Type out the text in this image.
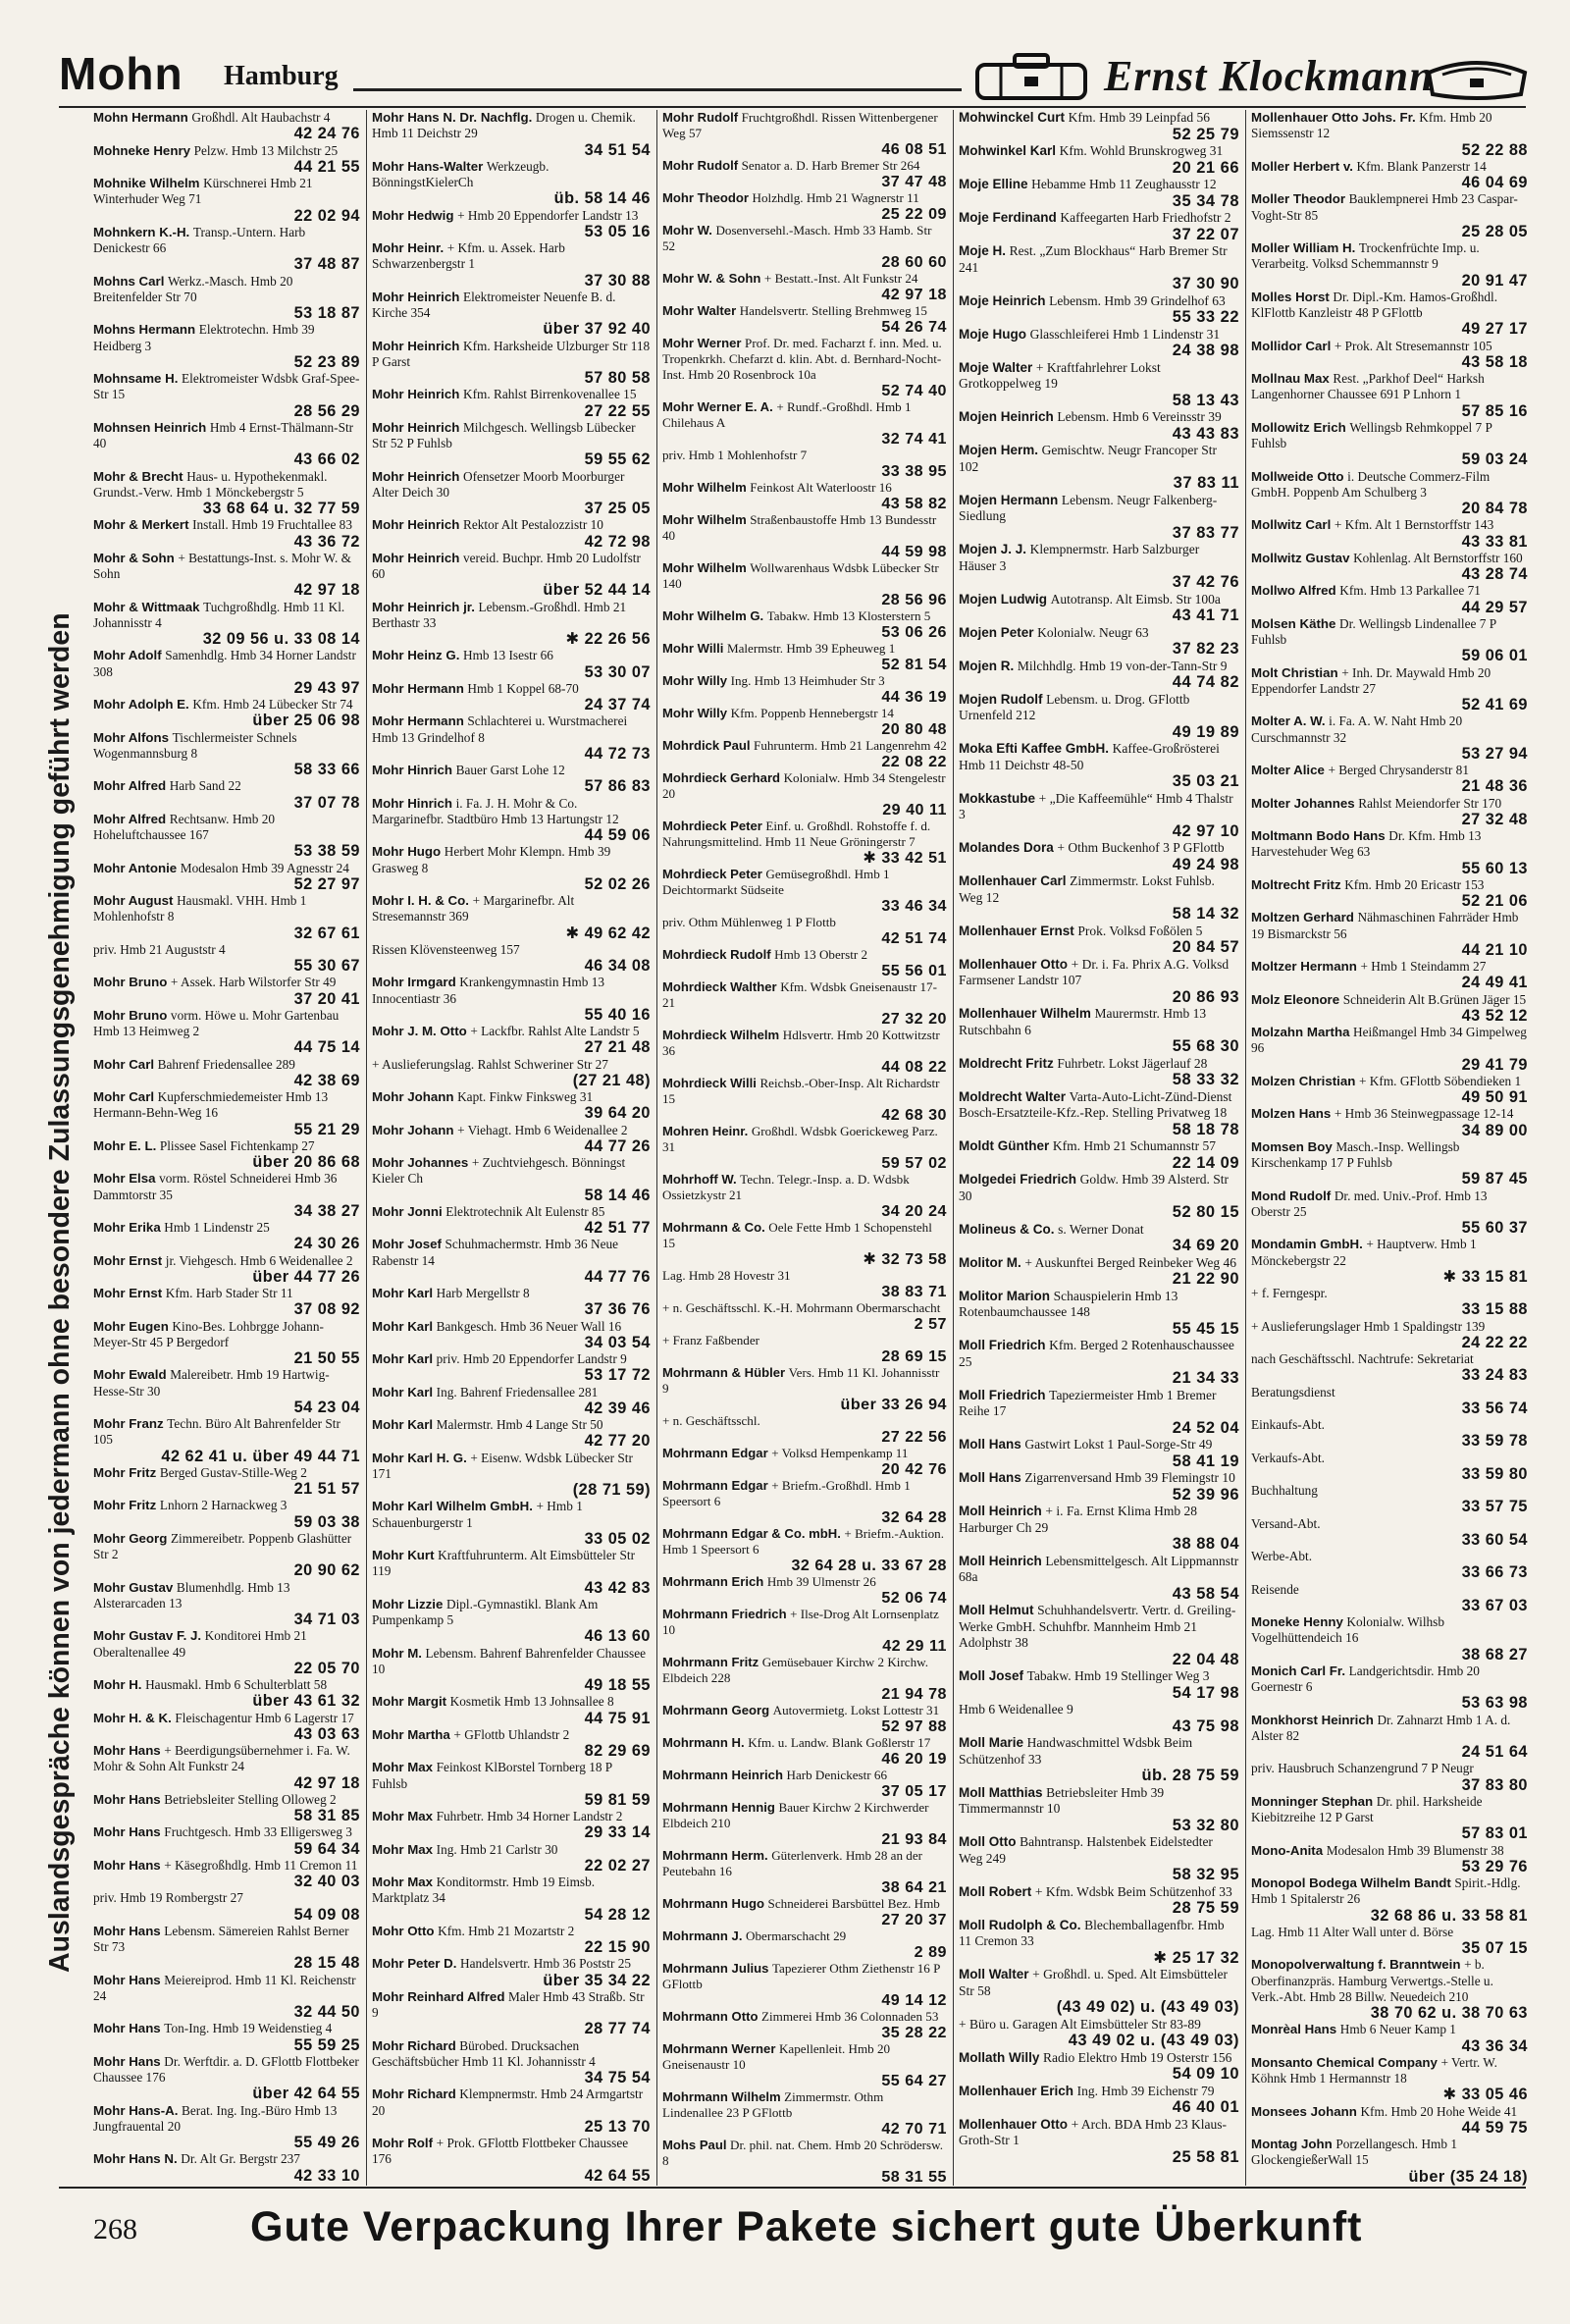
Mohn Hamburg	Ernst Klockmann
Auslandsgespräche können von jedermann ohne besondere Zulassungsgenehmigung geführt werden

Mohn Hermann Großhdl. Alt Haubachstr 4
42 24 76

Mohneke Henry Pelzw. Hmb 13 Milchstr 25
44 21 55

Mohnike Wilhelm Kürschnerei Hmb 21 Winterhuder Weg 71
22 02 94

Mohnkern K.-H. Transp.-Untern. Harb Denickestr 66
37 48 87

Mohns Carl Werkz.-Masch. Hmb 20 Breitenfelder Str 70
53 18 87

Mohns Hermann Elektrotechn. Hmb 39 Heidberg 3
52 23 89

Mohnsame H. Elektromeister Wdsbk Graf-Spee-Str 15
28 56 29

Mohnsen Heinrich Hmb 4 Ernst-Thälmann-Str 40
43 66 02

Mohr & Brecht Haus- u. Hypothekenmakl. Grundst.-Verw. Hmb 1 Mönckebergstr 5
33 68 64 u. 32 77 59

Mohr & Merkert Install. Hmb 19 Fruchtallee 83
43 36 72

Mohr & Sohn + Bestattungs-Inst. s. Mohr W. & Sohn
42 97 18

Mohr & Wittmaak Tuchgroßhdlg. Hmb 11 Kl. Johannisstr 4
32 09 56 u. 33 08 14

Mohr Adolf Samenhdlg. Hmb 34 Horner Landstr 308
29 43 97

Mohr Adolph E. Kfm. Hmb 24 Lübecker Str 74
über 25 06 98

Mohr Alfons Tischlermeister Schnels Wogenmannsburg 8
58 33 66

Mohr Alfred Harb Sand 22
37 07 78

Mohr Alfred Rechtsanw. Hmb 20 Hoheluftchaussee 167
53 38 59

Mohr Antonie Modesalon Hmb 39 Agnesstr 24
52 27 97

Mohr August Hausmakl. VHH. Hmb 1 Mohlenhofstr 8
32 67 61

priv. Hmb 21 Auguststr 4
55 30 67

Mohr Bruno + Assek. Harb Wilstorfer Str 49
37 20 41

Mohr Bruno vorm. Höwe u. Mohr Gartenbau Hmb 13 Heimweg 2
44 75 14

Mohr Carl Bahrenf Friedensallee 289
42 38 69

Mohr Carl Kupferschmiedemeister Hmb 13 Hermann-Behn-Weg 16
55 21 29

Mohr E. L. Plissee Sasel Fichtenkamp 27
über 20 86 68

Mohr Elsa vorm. Röstel Schneiderei Hmb 36 Dammtorstr 35
34 38 27

Mohr Erika Hmb 1 Lindenstr 25
24 30 26

Mohr Ernst jr. Viehgesch. Hmb 6 Weidenallee 2
über 44 77 26

Mohr Ernst Kfm. Harb Stader Str 11
37 08 92

Mohr Eugen Kino-Bes. Lohbrgge Johann-Meyer-Str 45 P Bergedorf
21 50 55

Mohr Ewald Malereibetr. Hmb 19 Hartwig-Hesse-Str 30
54 23 04

Mohr Franz Techn. Büro Alt Bahrenfelder Str 105
42 62 41 u. über 49 44 71

Mohr Fritz Berged Gustav-Stille-Weg 2
21 51 57

Mohr Fritz Lnhorn 2 Harnackweg 3
59 03 38

Mohr Georg Zimmereibetr. Poppenb Glashütter Str 2
20 90 62

Mohr Gustav Blumenhdlg. Hmb 13 Alsterarcaden 13
34 71 03

Mohr Gustav F. J. Konditorei Hmb 21 Oberaltenallee 49
22 05 70

Mohr H. Hausmakl. Hmb 6 Schulterblatt 58
über 43 61 32

Mohr H. & K. Fleischagentur Hmb 6 Lagerstr 17
43 03 63

Mohr Hans + Beerdigungsübernehmer i. Fa. W. Mohr & Sohn Alt Funkstr 24
42 97 18

Mohr Hans Betriebsleiter Stelling Olloweg 2
58 31 85

Mohr Hans Fruchtgesch. Hmb 33 Elligersweg 3
59 64 34

Mohr Hans + Käsegroßhdlg. Hmb 11 Cremon 11
32 40 03

priv. Hmb 19 Rombergstr 27
54 09 08

Mohr Hans Lebensm. Sämereien Rahlst Berner Str 73
28 15 48

Mohr Hans Meiereiprod. Hmb 11 Kl. Reichenstr 24
32 44 50

Mohr Hans Ton-Ing. Hmb 19 Weidenstieg 4
55 59 25

Mohr Hans Dr. Werftdir. a. D. GFlottb Flottbeker Chaussee 176
über 42 64 55

Mohr Hans-A. Berat. Ing. Ing.-Büro Hmb 13 Jungfrauental 20
55 49 26

Mohr Hans N. Dr. Alt Gr. Bergstr 237
42 33 10

Mohr Hans N. Dr. Nachflg. Drogen u. Chemik. Hmb 11 Deichstr 29
34 51 54

Mohr Hans-Walter Werkzeugb. BönningstKielerCh
üb. 58 14 46

Mohr Hedwig + Hmb 20 Eppendorfer Landstr 13
53 05 16

Mohr Heinr. + Kfm. u. Assek. Harb Schwarzenbergstr 1
37 30 88

Mohr Heinrich Elektromeister Neuenfe B. d. Kirche 354
über 37 92 40

Mohr Heinrich Kfm. Harksheide Ulzburger Str 118 P Garst
57 80 58

Mohr Heinrich Kfm. Rahlst Birrenkovenallee 15
27 22 55

Mohr Heinrich Milchgesch. Wellingsb Lübecker Str 52 P Fuhlsb
59 55 62

Mohr Heinrich Ofensetzer Moorb Moorburger Alter Deich 30
37 25 05

Mohr Heinrich Rektor Alt Pestalozzistr 10
42 72 98

Mohr Heinrich vereid. Buchpr. Hmb 20 Ludolfstr 60
über 52 44 14

Mohr Heinrich jr. Lebensm.-Großhdl. Hmb 21 Berthastr 33
✱ 22 26 56

Mohr Heinz G. Hmb 13 Isestr 66
53 30 07

Mohr Hermann Hmb 1 Koppel 68-70
24 37 74

Mohr Hermann Schlachterei u. Wurstmacherei Hmb 13 Grindelhof 8
44 72 73

Mohr Hinrich Bauer Garst Lohe 12
57 86 83

Mohr Hinrich i. Fa. J. H. Mohr & Co. Margarinefbr. Stadtbüro Hmb 13 Hartungstr 12
44 59 06

Mohr Hugo Herbert Mohr Klempn. Hmb 39 Grasweg 8
52 02 26

Mohr I. H. & Co. + Margarinefbr. Alt Stresemannstr 369
✱ 49 62 42

Rissen Klövensteenweg 157
46 34 08

Mohr Irmgard Krankengymnastin Hmb 13 Innocentiastr 36
55 40 16

Mohr J. M. Otto + Lackfbr. Rahlst Alte Landstr 5
27 21 48

+ Auslieferungslag. Rahlst Schweriner Str 27
(27 21 48)

Mohr Johann Kapt. Finkw Finksweg 31
39 64 20

Mohr Johann + Viehagt. Hmb 6 Weidenallee 2
44 77 26

Mohr Johannes + Zuchtviehgesch. Bönningst Kieler Ch
58 14 46

Mohr Jonni Elektrotechnik Alt Eulenstr 85
42 51 77

Mohr Josef Schuhmachermstr. Hmb 36 Neue Rabenstr 14
44 77 76

Mohr Karl Harb Mergellstr 8
37 36 76

Mohr Karl Bankgesch. Hmb 36 Neuer Wall 16
34 03 54

Mohr Karl priv. Hmb 20 Eppendorfer Landstr 9
53 17 72

Mohr Karl Ing. Bahrenf Friedensallee 281
42 39 46

Mohr Karl Malermstr. Hmb 4 Lange Str 50
42 77 20

Mohr Karl H. G. + Eisenw. Wdsbk Lübecker Str 171
(28 71 59)

Mohr Karl Wilhelm GmbH. + Hmb 1 Schauenburgerstr 1
33 05 02

Mohr Kurt Kraftfuhrunterm. Alt Eimsbütteler Str 119
43 42 83

Mohr Lizzie Dipl.-Gymnastikl. Blank Am Pumpenkamp 5
46 13 60

Mohr M. Lebensm. Bahrenf Bahrenfelder Chaussee 10
49 18 55

Mohr Margit Kosmetik Hmb 13 Johnsallee 8
44 75 91

Mohr Martha + GFlottb Uhlandstr 2
82 29 69

Mohr Max Feinkost KlBorstel Tornberg 18 P Fuhlsb
59 81 59

Mohr Max Fuhrbetr. Hmb 34 Horner Landstr 2
29 33 14

Mohr Max Ing. Hmb 21 Carlstr 30
22 02 27

Mohr Max Konditormstr. Hmb 19 Eimsb. Marktplatz 34
54 28 12

Mohr Otto Kfm. Hmb 21 Mozartstr 2
22 15 90

Mohr Peter D. Handelsvertr. Hmb 36 Poststr 25
über 35 34 22

Mohr Reinhard Alfred Maler Hmb 43 Straßb. Str 9
28 77 74

Mohr Richard Bürobed. Drucksachen Geschäftsbücher Hmb 11 Kl. Johannisstr 4
34 75 54

Mohr Richard Klempnermstr. Hmb 24 Armgartstr 20
25 13 70

Mohr Rolf + Prok. GFlottb Flottbeker Chaussee 176
42 64 55

Mohr Rudolf Fruchtgroßhdl. Rissen Wittenbergener Weg 57
46 08 51

Mohr Rudolf Senator a. D. Harb Bremer Str 264
37 47 48

Mohr Theodor Holzhdlg. Hmb 21 Wagnerstr 11
25 22 09

Mohr W. Dosenversehl.-Masch. Hmb 33 Hamb. Str 52
28 60 60

Mohr W. & Sohn + Bestatt.-Inst. Alt Funkstr 24
42 97 18

Mohr Walter Handelsvertr. Stelling Brehmweg 15
54 26 74

Mohr Werner Prof. Dr. med. Facharzt f. inn. Med. u. Tropenkrkh. Chefarzt d. klin. Abt. d. Bernhard-Nocht-Inst. Hmb 20 Rosenbrock 10a
52 74 40

Mohr Werner E. A. + Rundf.-Großhdl. Hmb 1 Chilehaus A
32 74 41

priv. Hmb 1 Mohlenhofstr 7
33 38 95

Mohr Wilhelm Feinkost Alt Waterloostr 16
43 58 82

Mohr Wilhelm Straßenbaustoffe Hmb 13 Bundesstr 40
44 59 98

Mohr Wilhelm Wollwarenhaus Wdsbk Lübecker Str 140
28 56 96

Mohr Wilhelm G. Tabakw. Hmb 13 Klosterstern 5
53 06 26

Mohr Willi Malermstr. Hmb 39 Epheuweg 1
52 81 54

Mohr Willy Ing. Hmb 13 Heimhuder Str 3
44 36 19

Mohr Willy Kfm. Poppenb Hennebergstr 14
20 80 48

Mohrdick Paul Fuhrunterm. Hmb 21 Langenrehm 42
22 08 22

Mohrdieck Gerhard Kolonialw. Hmb 34 Stengelestr 20
29 40 11

Mohrdieck Peter Einf. u. Großhdl. Rohstoffe f. d. Nahrungsmittelind. Hmb 11 Neue Gröningerstr 7
✱ 33 42 51

Mohrdieck Peter Gemüsegroßhdl. Hmb 1 Deichtormarkt Südseite
33 46 34

priv. Othm Mühlenweg 1 P Flottb
42 51 74

Mohrdieck Rudolf Hmb 13 Oberstr 2
55 56 01

Mohrdieck Walther Kfm. Wdsbk Gneisenaustr 17-21
27 32 20

Mohrdieck Wilhelm Hdlsvertr. Hmb 20 Kottwitzstr 36
44 08 22

Mohrdieck Willi Reichsb.-Ober-Insp. Alt Richardstr 15
42 68 30

Mohren Heinr. Großhdl. Wdsbk Goerickeweg Parz. 31
59 57 02

Mohrhoff W. Techn. Telegr.-Insp. a. D. Wdsbk Ossietzkystr 21
34 20 24

Mohrmann & Co. Oele Fette Hmb 1 Schopenstehl 15
✱ 32 73 58

Lag. Hmb 28 Hovestr 31
38 83 71

+ n. Geschäftsschl. K.-H. Mohrmann Obermarschacht
2 57

+ Franz Faßbender
28 69 15

Mohrmann & Hübler Vers. Hmb 11 Kl. Johannisstr 9
über 33 26 94

+ n. Geschäftsschl.
27 22 56

Mohrmann Edgar + Volksd Hempenkamp 11
20 42 76

Mohrmann Edgar + Briefm.-Großhdl. Hmb 1 Speersort 6
32 64 28

Mohrmann Edgar & Co. mbH. + Briefm.-Auktion. Hmb 1 Speersort 6
32 64 28 u. 33 67 28

Mohrmann Erich Hmb 39 Ulmenstr 26
52 06 74

Mohrmann Friedrich + Ilse-Drog Alt Lornsenplatz 10
42 29 11

Mohrmann Fritz Gemüsebauer Kirchw 2 Kirchw. Elbdeich 228
21 94 78

Mohrmann Georg Autovermietg. Lokst Lottestr 31
52 97 88

Mohrmann H. Kfm. u. Landw. Blank Goßlerstr 17
46 20 19

Mohrmann Heinrich Harb Denickestr 66
37 05 17

Mohrmann Hennig Bauer Kirchw 2 Kirchwerder Elbdeich 210
21 93 84

Mohrmann Herm. Güterlenverk. Hmb 28 an der Peutebahn 16
38 64 21

Mohrmann Hugo Schneiderei Barsbüttel Bez. Hmb
27 20 37

Mohrmann J. Obermarschacht 29
2 89

Mohrmann Julius Tapezierer Othm Ziethenstr 16 P GFlottb
49 14 12

Mohrmann Otto Zimmerei Hmb 36 Colonnaden 53
35 28 22

Mohrmann Werner Kapellenleit. Hmb 20 Gneisenaustr 10
55 64 27

Mohrmann Wilhelm Zimmermstr. Othm Lindenallee 23 P GFlottb
42 70 71

Mohs Paul Dr. phil. nat. Chem. Hmb 20 Schrödersw. 8
58 31 55

Mohwinckel Curt Kfm. Hmb 39 Leinpfad 56
52 25 79

Mohwinkel Karl Kfm. Wohld Brunskrogweg 31
20 21 66

Moje Elline Hebamme Hmb 11 Zeughausstr 12
35 34 78

Moje Ferdinand Kaffeegarten Harb Friedhofstr 2
37 22 07

Moje H. Rest. „Zum Blockhaus“ Harb Bremer Str 241
37 30 90

Moje Heinrich Lebensm. Hmb 39 Grindelhof 63
55 33 22

Moje Hugo Glasschleiferei Hmb 1 Lindenstr 31
24 38 98

Moje Walter + Kraftfahrlehrer Lokst Grotkoppelweg 19
58 13 43

Mojen Heinrich Lebensm. Hmb 6 Vereinsstr 39
43 43 83

Mojen Herm. Gemischtw. Neugr Francoper Str 102
37 83 11

Mojen Hermann Lebensm. Neugr Falkenberg-Siedlung
37 83 77

Mojen J. J. Klempnermstr. Harb Salzburger Häuser 3
37 42 76

Mojen Ludwig Autotransp. Alt Eimsb. Str 100a
43 41 71

Mojen Peter Kolonialw. Neugr 63
37 82 23

Mojen R. Milchhdlg. Hmb 19 von-der-Tann-Str 9
44 74 82

Mojen Rudolf Lebensm. u. Drog. GFlottb Urnenfeld 212
49 19 89

Moka Efti Kaffee GmbH. Kaffee-Großrösterei Hmb 11 Deichstr 48-50
35 03 21

Mokkastube + „Die Kaffeemühle“ Hmb 4 Thalstr 3
42 97 10

Molandes Dora + Othm Buckenhof 3 P GFlottb
49 24 98

Mollenhauer Carl Zimmermstr. Lokst Fuhlsb. Weg 12
58 14 32

Mollenhauer Ernst Prok. Volksd Foßölen 5
20 84 57

Mollenhauer Otto + Dr. i. Fa. Phrix A.G. Volksd Farmsener Landstr 107
20 86 93

Mollenhauer Wilhelm Maurermstr. Hmb 13 Rutschbahn 6
55 68 30

Moldrecht Fritz Fuhrbetr. Lokst Jägerlauf 28
58 33 32

Moldrecht Walter Varta-Auto-Licht-Zünd-Dienst Bosch-Ersatzteile-Kfz.-Rep. Stelling Privatweg 18
58 18 78

Moldt Günther Kfm. Hmb 21 Schumannstr 57
22 14 09

Molgedei Friedrich Goldw. Hmb 39 Alsterd. Str 30
52 80 15

Molineus & Co. s. Werner Donat
34 69 20

Molitor M. + Auskunftei Berged Reinbeker Weg 46
21 22 90

Molitor Marion Schauspielerin Hmb 13 Rotenbaumchaussee 148
55 45 15

Moll Friedrich Kfm. Berged 2 Rotenhauschaussee 25
21 34 33

Moll Friedrich Tapeziermeister Hmb 1 Bremer Reihe 17
24 52 04

Moll Hans Gastwirt Lokst 1 Paul-Sorge-Str 49
58 41 19

Moll Hans Zigarrenversand Hmb 39 Flemingstr 10
52 39 96

Moll Heinrich + i. Fa. Ernst Klima Hmb 28 Harburger Ch 29
38 88 04

Moll Heinrich Lebensmittelgesch. Alt Lippmannstr 68a
43 58 54

Moll Helmut Schuhhandelsvertr. Vertr. d. Greiling-Werke GmbH. Schuhfbr. Mannheim Hmb 21 Adolphstr 38
22 04 48

Moll Josef Tabakw. Hmb 19 Stellinger Weg 3
54 17 98

Hmb 6 Weidenallee 9
43 75 98

Moll Marie Handwaschmittel Wdsbk Beim Schützenhof 33
üb. 28 75 59

Moll Matthias Betriebsleiter Hmb 39 Timmermannstr 10
53 32 80

Moll Otto Bahntransp. Halstenbek Eidelstedter Weg 249
58 32 95

Moll Robert + Kfm. Wdsbk Beim Schützenhof 33
28 75 59

Moll Rudolph & Co. Blechemballagenfbr. Hmb 11 Cremon 33
✱ 25 17 32

Moll Walter + Großhdl. u. Sped. Alt Eimsbütteler Str 58
(43 49 02) u. (43 49 03)

+ Büro u. Garagen Alt Eimsbütteler Str 83-89
43 49 02 u. (43 49 03)

Mollath Willy Radio Elektro Hmb 19 Osterstr 156
54 09 10

Mollenhauer Erich Ing. Hmb 39 Eichenstr 79
46 40 01

Mollenhauer Otto + Arch. BDA Hmb 23 Klaus-Groth-Str 1
25 58 81

Mollenhauer Otto Johs. Fr. Kfm. Hmb 20 Siemssenstr 12
52 22 88

Moller Herbert v. Kfm. Blank Panzerstr 14
46 04 69

Moller Theodor Bauklempnerei Hmb 23 Caspar-Voght-Str 85
25 28 05

Moller William H. Trockenfrüchte Imp. u. Verarbeitg. Volksd Schemmannstr 9
20 91 47

Molles Horst Dr. Dipl.-Km. Hamos-Großhdl. KlFlottb Kanzleistr 48 P GFlottb
49 27 17

Mollidor Carl + Prok. Alt Stresemannstr 105
43 58 18

Mollnau Max Rest. „Parkhof Deel“ Harksh Langenhorner Chaussee 691 P Lnhorn 1
57 85 16

Mollowitz Erich Wellingsb Rehmkoppel 7 P Fuhlsb
59 03 24

Mollweide Otto i. Deutsche Commerz-Film GmbH. Poppenb Am Schulberg 3
20 84 78

Mollwitz Carl + Kfm. Alt 1 Bernstorffstr 143
43 33 81

Mollwitz Gustav Kohlenlag. Alt Bernstorffstr 160
43 28 74

Mollwo Alfred Kfm. Hmb 13 Parkallee 71
44 29 57

Molsen Käthe Dr. Wellingsb Lindenallee 7 P Fuhlsb
59 06 01

Molt Christian + Inh. Dr. Maywald Hmb 20 Eppendorfer Landstr 27
52 41 69

Molter A. W. i. Fa. A. W. Naht Hmb 20 Curschmannstr 32
53 27 94

Molter Alice + Berged Chrysanderstr 81
21 48 36

Molter Johannes Rahlst Meiendorfer Str 170
27 32 48

Moltmann Bodo Hans Dr. Kfm. Hmb 13 Harvestehuder Weg 63
55 60 13

Moltrecht Fritz Kfm. Hmb 20 Ericastr 153
52 21 06

Moltzen Gerhard Nähmaschinen Fahrräder Hmb 19 Bismarckstr 56
44 21 10

Moltzer Hermann + Hmb 1 Steindamm 27
24 49 41

Molz Eleonore Schneiderin Alt B.Grünen Jäger 15
43 52 12

Molzahn Martha Heißmangel Hmb 34 Gimpelweg 96
29 41 79

Molzen Christian + Kfm. GFlottb Söbendieken 1
49 50 91

Molzen Hans + Hmb 36 Steinwegpassage 12-14
34 89 00

Momsen Boy Masch.-Insp. Wellingsb Kirschenkamp 17 P Fuhlsb
59 87 45

Mond Rudolf Dr. med. Univ.-Prof. Hmb 13 Oberstr 25
55 60 37

Mondamin GmbH. + Hauptverw. Hmb 1 Mönckebergstr 22
✱ 33 15 81

+ f. Ferngespr.
33 15 88

+ Auslieferungslager Hmb 1 Spaldingstr 139
24 22 22

nach Geschäftsschl. Nachtrufe: Sekretariat
33 24 83

Beratungsdienst
33 56 74

Einkaufs-Abt.
33 59 78

Verkaufs-Abt.
33 59 80

Buchhaltung
33 57 75

Versand-Abt.
33 60 54

Werbe-Abt.
33 66 73

Reisende
33 67 03

Moneke Henny Kolonialw. Wilhsb Vogelhüttendeich 16
38 68 27

Monich Carl Fr. Landgerichtsdir. Hmb 20 Goernestr 6
53 63 98

Monkhorst Heinrich Dr. Zahnarzt Hmb 1 A. d. Alster 82
24 51 64

priv. Hausbruch Schanzengrund 7 P Neugr
37 83 80

Monninger Stephan Dr. phil. Harksheide Kiebitzreihe 12 P Garst
57 83 01

Mono-Anita Modesalon Hmb 39 Blumenstr 38
53 29 76

Monopol Bodega Wilhelm Bandt Spirit.-Hdlg. Hmb 1 Spitalerstr 26
32 68 86 u. 33 58 81

Lag. Hmb 11 Alter Wall unter d. Börse
35 07 15

Monopolverwaltung f. Branntwein + b. Oberfinanzpräs. Hamburg Verwertgs.-Stelle u. Verk.-Abt. Hmb 28 Billw. Neuedeich 210
38 70 62 u. 38 70 63

Monrèal Hans Hmb 6 Neuer Kamp 1
43 36 34

Monsanto Chemical Company + Vertr. W. Köhnk Hmb 1 Hermannstr 18
✱ 33 05 46

Monsees Johann Kfm. Hmb 20 Hohe Weide 41
44 59 75

Montag John Porzellangesch. Hmb 1 GlockengießerWall 15
über (35 24 18)

268	Gute Verpackung Ihrer Pakete sichert gute Überkunft
